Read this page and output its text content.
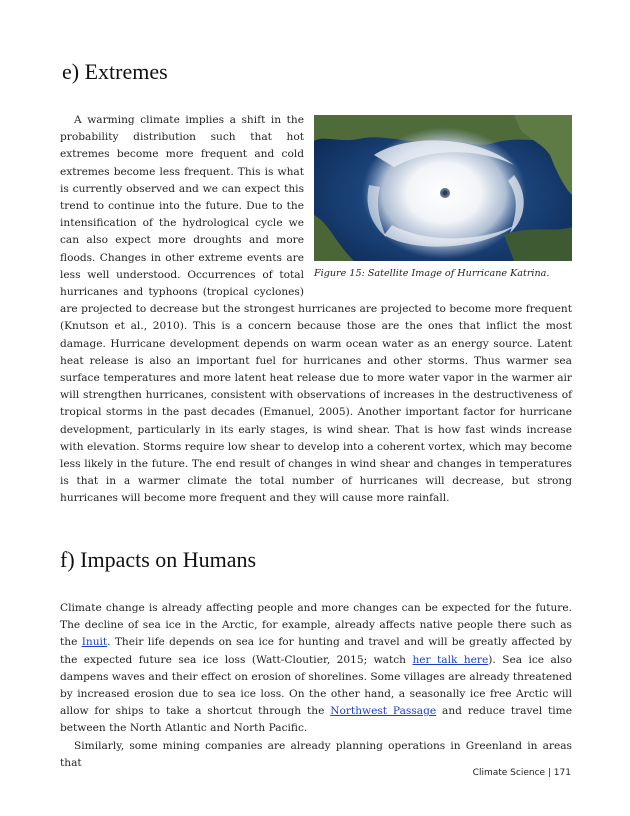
e) Extremes
Figure 15: Satellite Image of Hurricane Katrina.
A warming climate implies a shift in the probability distribution such that hot extremes become more frequent and cold extremes become less frequent. This is what is currently observed and we can expect this trend to continue into the future. Due to the intensification of the hydrological cycle we can also expect more droughts and more floods. Changes in other extreme events are less well understood. Occurrences of total hurricanes and typhoons (tropical cyclones) are projected to decrease but the strongest hurricanes are projected to become more frequent (Knutson et al., 2010). This is a concern because those are the ones that inflict the most damage. Hurricane development depends on warm ocean water as an energy source. Latent heat release is also an important fuel for hurricanes and other storms. Thus warmer sea surface temperatures and more latent heat release due to more water vapor in the warmer air will strengthen hurricanes, consistent with observations of increases in the destructiveness of tropical storms in the past decades (Emanuel, 2005). Another important factor for hurricane development, particularly in its early stages, is wind shear. That is how fast winds increase with elevation. Storms require low shear to develop into a coherent vortex, which may become less likely in the future. The end result of changes in wind shear and changes in temperatures is that in a warmer climate the total number of hurricanes will decrease, but strong hurricanes will become more frequent and they will cause more rainfall.
f) Impacts on Humans

Climate change is already affecting people and more changes can be expected for the future. The decline of sea ice in the Arctic, for example, already affects native people there such as the Inuit. Their life depends on sea ice for hunting and travel and will be greatly affected by the expected future sea ice loss (Watt-Cloutier, 2015; watch her talk here). Sea ice also dampens waves and their effect on erosion of shorelines. Some villages are already threatened by increased erosion due to sea ice loss. On the other hand, a seasonally ice free Arctic will allow for ships to take a shortcut through the Northwest Passage and reduce travel time between the North Atlantic and North Pacific.

Similarly, some mining companies are already planning operations in Greenland in areas that

Climate Science | 171
